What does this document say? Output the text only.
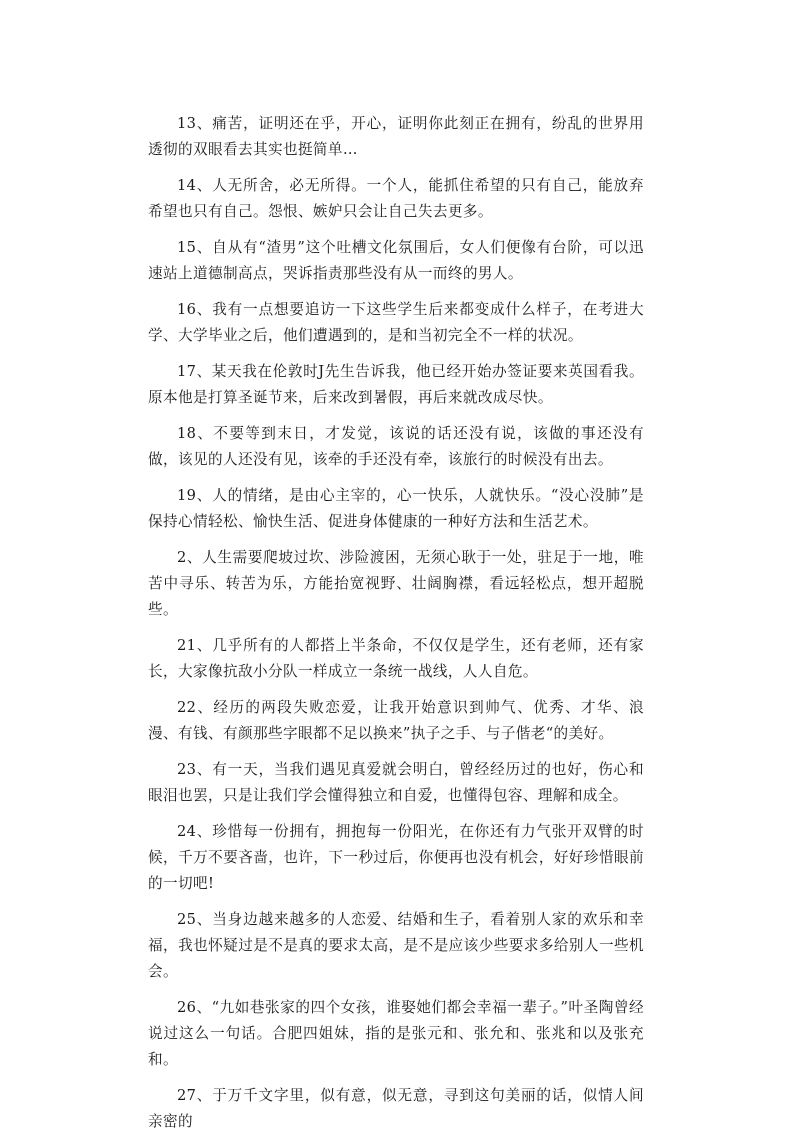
13、痛苦，证明还在乎，开心，证明你此刻正在拥有，纷乱的世界用透彻的双眼看去其实也挺简单…

14、人无所舍，必无所得。一个人，能抓住希望的只有自己，能放弃希望也只有自己。怨恨、嫉妒只会让自己失去更多。

15、自从有“渣男”这个吐槽文化氛围后，女人们便像有台阶，可以迅速站上道德制高点，哭诉指责那些没有从一而终的男人。

16、我有一点想要追访一下这些学生后来都变成什么样子，在考进大学、大学毕业之后，他们遭遇到的，是和当初完全不一样的状况。

17、某天我在伦敦时J先生告诉我，他已经开始办签证要来英国看我。原本他是打算圣诞节来，后来改到暑假，再后来就改成尽快。

18、不要等到末日，才发觉，该说的话还没有说，该做的事还没有做，该见的人还没有见，该牵的手还没有牵，该旅行的时候没有出去。

19、人的情绪，是由心主宰的，心一快乐，人就快乐。“没心没肺”是保持心情轻松、愉快生活、促进身体健康的一种好方法和生活艺术。

2、人生需要爬坡过坎、涉险渡困，无须心耿于一处，驻足于一地，唯苦中寻乐、转苦为乐，方能抬宽视野、壮阔胸襟，看远轻松点，想开超脱些。

21、几乎所有的人都搭上半条命，不仅仅是学生，还有老师，还有家长，大家像抗敌小分队一样成立一条统一战线，人人自危。

22、经历的两段失败恋爱，让我开始意识到帅气、优秀、才华、浪漫、有钱、有颜那些字眼都不足以换来”执子之手、与子偕老“的美好。

23、有一天，当我们遇见真爱就会明白，曾经经历过的也好，伤心和眼泪也罢，只是让我们学会懂得独立和自爱，也懂得包容、理解和成全。

24、珍惜每一份拥有，拥抱每一份阳光，在你还有力气张开双臂的时候，千万不要吝啬，也许，下一秒过后，你便再也没有机会，好好珍惜眼前的一切吧!

25、当身边越来越多的人恋爱、结婚和生子，看着别人家的欢乐和幸福，我也怀疑过是不是真的要求太高，是不是应该少些要求多给别人一些机会。

26、“九如巷张家的四个女孩，谁娶她们都会幸福一辈子。”叶圣陶曾经说过这么一句话。合肥四姐妹，指的是张元和、张允和、张兆和以及张充和。

27、于万千文字里，似有意，似无意，寻到这句美丽的话，似情人间亲密的
